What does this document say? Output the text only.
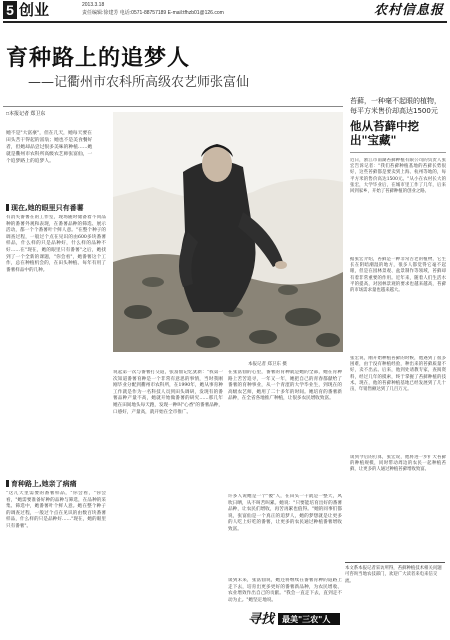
5 创业	2013.3.18
责任编辑:徐建芳 电话:0571-88757189 E-mail:tfhzb01@126.com	农村信息报
育种路上的追梦人
——记衢州市农科所高级农艺师张富仙
□本报记者 郑卫东
她不是"大富豪"，但在几天，她每天要在田头苦干得起的富翁；她也不是美食餐好者，但她却品尝过很多美味的种植……她就是衢州市农科所高级农艺师张富仙，一个追梦路上的追梦人。
现在,她的眼里只有番薯
有消失番薯在的工作室，现场随时储备着不同品种的番薯外观和表现，在番薯品种的筛选、展示活动，都一个个番薯叶个鲜人意。"在整个种子的调查过程，一般过个点在见识的由600多块番薯样品，什么样的只是品种好，什么样的品种不好……在"现在，她的眼里只有番薯"之后，她找到了一个全新的课题，"你会看"，她番薯这个工作，总在种植机会的，在田头种植、每年有用了番薯样品中的几种。
本报记者 郑卫东 摄
育种路上,她亲了病痛
"这几天里需要的番薯样品，"你会看，"你会看，"她需要准备好种的品种与筛选，在品种的采集、筛选中，她番薯叶个鲜人意。她在整个种子的调查过程，一般过个点在见识的由数百块番薯样品，什么样的只是品种好……"现在，她的眼里只有番薯"。
说起第一次与番薯打交道，张富仙记忆犹新："我第一次知道番薯育种是一个非常有意思的事情，当时我刚刚毕业分配到衢州市农科所，在1990年，她从事育种工作就是作为一名科技人员到田头调研，发现有的番薯品种产量不高，她就开始做番薯的研究……那几年她在田间地头每天跑，发现一种叫"心香"的番薯品种，口感好，产量高，就开始在全市推广。
在张富仙的心里，番薯的育种就是她的全部，她在育种路上苦苦追寻，一年又一年，她把自己的青春都献给了番薯的育种事业，从一个青涩的大学毕业生，到现在的高级农艺师，她用了二十多年的时间。她培育的番薯新品种，在全省各地推广种植，让很多农民增收致富。
许多人说她是一个"傻"人，在田头一干就是一整天，风吹日晒，从不叫苦叫累。她说："只要能培育出好的番薯品种，让农民们增收，再苦再累也值得。"她的同事们都说，张富仙是一个真正的追梦人，她的梦想就是让更多的人吃上好吃的番薯，让更多的农民通过种植番薯增收致富。
谈到未来，张富仙说，她还将继续在番薯育种的道路上走下去，培育出更多更好的番薯新品种，为农民增收、农业增效作出自己的贡献。"我会一直走下去，直到走不动为止。"她坚定地说。
寻找 最美"三农"人
苔藓，一种毫不起眼的植物，每平方米售价却高达1500元
他从苔藓中挖出"宝藏"
近日，浙江市南湖苔藓种植有限公司的负责人张宏告诉记者："我们苔藓种植基地的苔藓长势很好，这些苔藓都是要卖到上海、杭州等地的，每平方米的售价高达1500元。"从小在农村长大的张宏，大学毕业后，在城市里工作了几年，后来回到家乡，开始了苔藓种植的创业之路。
据张宏介绍，苔藓是一种非常古老的植物，它生长在阴暗潮湿的地方，很多人都觉得它毫不起眼，但是在园林景观、盆景制作等领域，苔藓却有着非常重要的作用。近年来，随着人们生活水平的提高，对园林景观的要求也越来越高，苔藓的市场需求量也越来越大。
张宏说，刚开始种植苔藓的时候，他遇到了很多困难，由于没有种植经验，种出来的苔藓质量不好，卖不出去。后来，他到处请教专家，查阅资料，经过几年的摸索，终于掌握了苔藓种植的技术。现在，他的苔藓种植基地已经发展到了几十亩，年销售额达到了几百万元。
谈到今后的打算，张宏说，他将进一步扩大苔藓的种植规模，同时带动周边的农民一起种植苔藓，让更多的人通过种植苔藓增收致富。
本文系本报记者采访所得，苔藓种植技术相关问题可咨询当地农技部门，欢迎广大读者来电来信交流。
